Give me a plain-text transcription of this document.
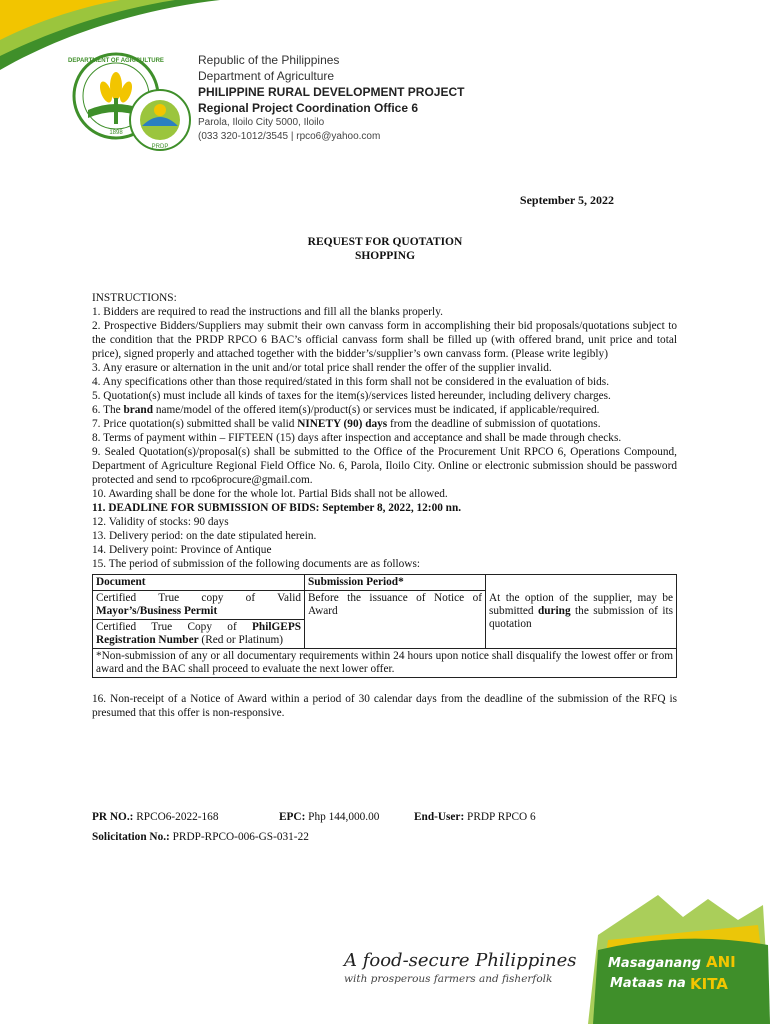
DEPARTMENT OF AGRICULTURE
1898
PRDP
Republic of the Philippines
Department of Agriculture
PHILIPPINE RURAL DEVELOPMENT PROJECT
Regional Project Coordination Office 6
Parola, Iloilo City 5000, Iloilo
(033 320-1012/3545 | rpco6@yahoo.com
September 5, 2022
REQUEST FOR QUOTATION
SHOPPING

INSTRUCTIONS:

1. Bidders are required to read the instructions and fill all the blanks properly.

2. Prospective Bidders/Suppliers may submit their own canvass form in accomplishing their bid proposals/quotations subject to the condition that the PRDP RPCO 6 BAC’s official canvass form shall be filled up (with offered brand, unit price and total price), signed properly and attached together with the bidder’s/supplier’s own canvass form. (Please write legibly)

3. Any erasure or alternation in the unit and/or total price shall render the offer of the supplier invalid.

4. Any specifications other than those required/stated in this form shall not be considered in the evaluation of bids.

5. Quotation(s) must include all kinds of taxes for the item(s)/services listed hereunder, including delivery charges.

6. The brand name/model of the offered item(s)/product(s) or services must be indicated, if applicable/required.

7. Price quotation(s) submitted shall be valid NINETY (90) days from the deadline of submission of quotations.

8. Terms of payment within – FIFTEEN (15) days after inspection and acceptance and shall be made through checks.

9. Sealed Quotation(s)/proposal(s) shall be submitted to the Office of the Procurement Unit RPCO 6, Operations Compound, Department of Agriculture Regional Field Office No. 6, Parola, Iloilo City. Online or electronic submission should be password protected and send to rpco6procure@gmail.com.

10. Awarding shall be done for the whole lot. Partial Bids shall not be allowed.

11. DEADLINE FOR SUBMISSION OF BIDS: September 8, 2022, 12:00 nn.

12. Validity of stocks: 90 days

13. Delivery period: on the date stipulated herein.

14. Delivery point: Province of Antique

15. The period of submission of the following documents are as follows:

Document	Submission Period*	
Certified True copy of Valid Mayor’s/Business Permit	Before the issuance of Notice of Award	At the option of the supplier, may be submitted during the submission of its quotation
Certified True Copy of PhilGEPS Registration Number (Red or Platinum)		
*Non-submission of any or all documentary requirements within 24 hours upon notice shall disqualify the lowest offer or from award and the BAC shall proceed to evaluate the next lower offer.		

16. Non-receipt of a Notice of Award within a period of 30 calendar days from the deadline of the submission of the RFQ is presumed that this offer is non-responsive.

PR NO.: RPCO6-2022-168	EPC: Php 144,000.00	End-User: PRDP RPCO 6
Solicitation No.: PRDP-RPCO-006-GS-031-22
A food-secure Philippines
with prosperous farmers and fisherfolk
Masaganang ANI
Mataas na KITA
